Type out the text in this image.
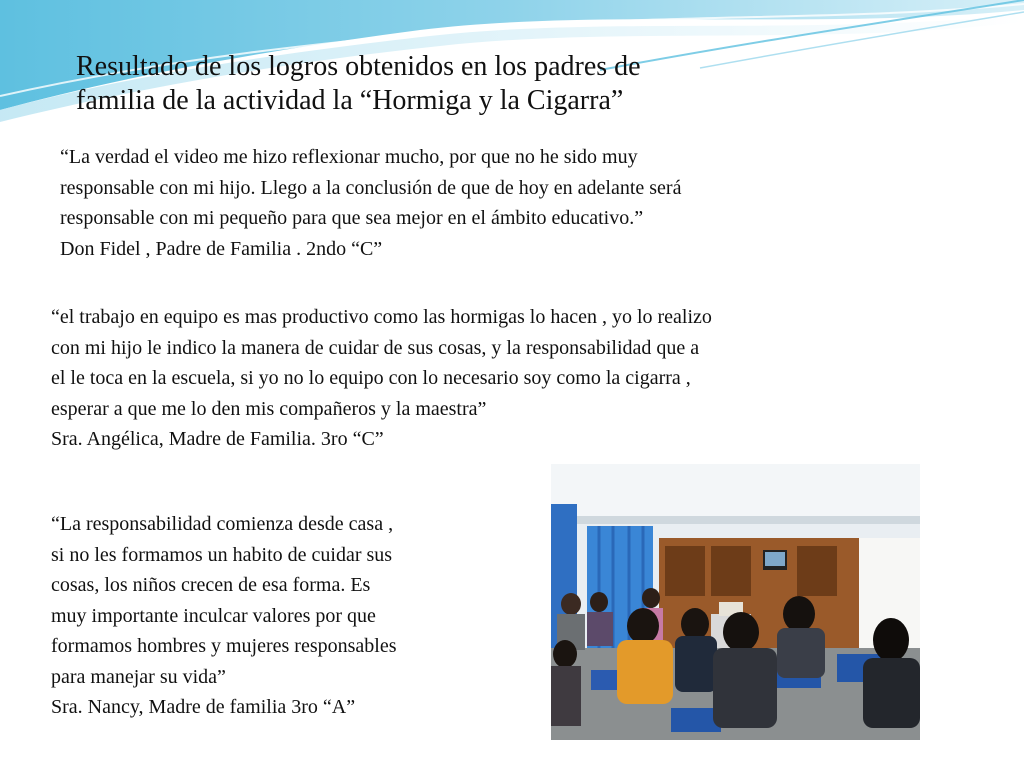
Resultado de los logros obtenidos en los padres de
familia de la actividad la “Hormiga y la Cigarra”

“La verdad el video me hizo reflexionar mucho, por que no he sido muy

responsable con mi hijo. Llego a la conclusión de que de hoy en adelante será

responsable con mi pequeño para que sea mejor en el ámbito educativo.”

Don Fidel , Padre de Familia . 2ndo “C”

“el trabajo en equipo es mas productivo como las hormigas lo hacen , yo lo realizo

con mi hijo le indico la manera de cuidar de sus cosas, y la responsabilidad que a

el le toca en la escuela, si yo no lo equipo con lo necesario soy como la cigarra ,

esperar a que me lo den mis compañeros y la maestra”

Sra. Angélica, Madre de Familia. 3ro “C”

“La responsabilidad comienza desde casa ,

si no les formamos un habito de cuidar sus

cosas, los niños crecen de esa forma. Es

muy importante inculcar valores por que

formamos hombres y mujeres responsables

para manejar su vida”

Sra. Nancy, Madre de familia 3ro “A”
